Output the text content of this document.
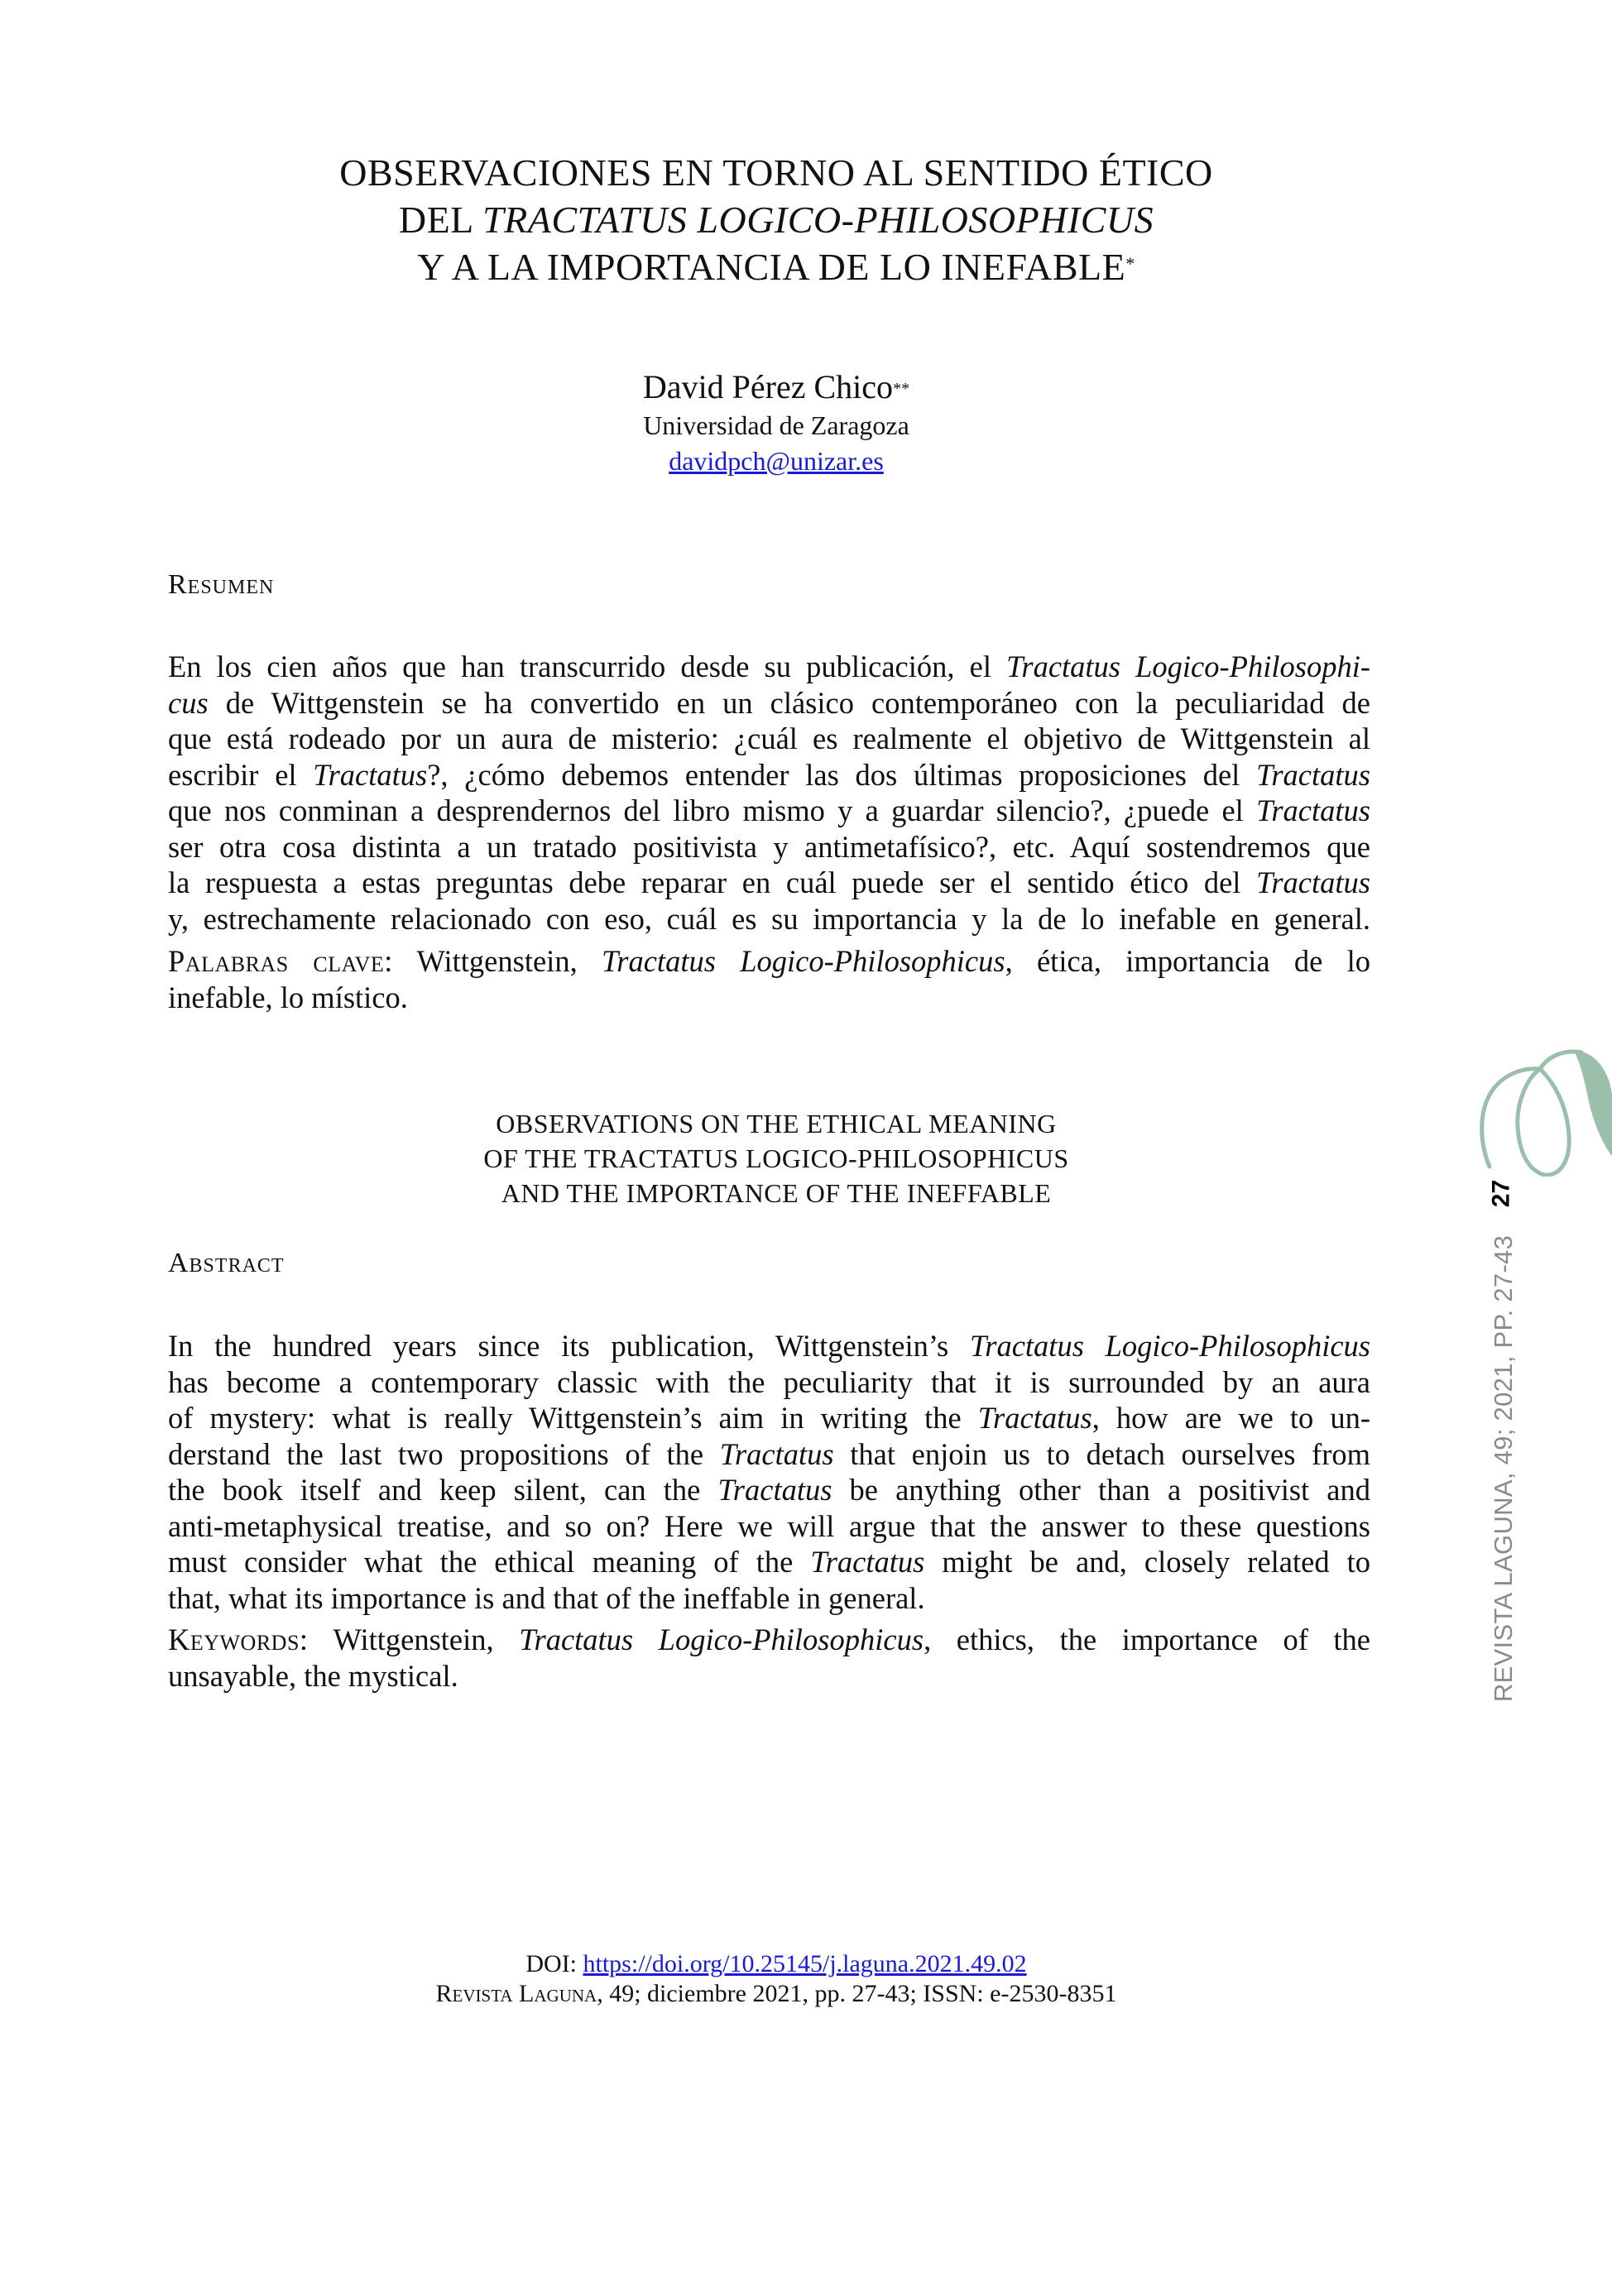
OBSERVACIONES EN TORNO AL SENTIDO ÉTICO
DEL TRACTATUS LOGICO-PHILOSOPHICUS
Y A LA IMPORTANCIA DE LO INEFABLE*
David Pérez Chico**
Universidad de Zaragoza
davidpch@unizar.es
Resumen
En los cien años que han transcurrido desde su publicación, el Tractatus Logico-Philosophi-
cus de Wittgenstein se ha convertido en un clásico contemporáneo con la peculiaridad de
que está rodeado por un aura de misterio: ¿cuál es realmente el objetivo de Wittgenstein al
escribir el Tractatus?, ¿cómo debemos entender las dos últimas proposiciones del Tractatus
que nos conminan a desprendernos del libro mismo y a guardar silencio?, ¿puede el Tractatus
ser otra cosa distinta a un tratado positivista y antimetafísico?, etc. Aquí sostendremos que
la respuesta a estas preguntas debe reparar en cuál puede ser el sentido ético del Tractatus
y, estrechamente relacionado con eso, cuál es su importancia y la de lo inefable en general.
Palabras clave: Wittgenstein, Tractatus Logico-Philosophicus, ética, importancia de lo
inefable, lo místico.
OBSERVATIONS ON THE ETHICAL MEANING
OF THE TRACTATUS LOGICO-PHILOSOPHICUS
AND THE IMPORTANCE OF THE INEFFABLE
Abstract
In the hundred years since its publication, Wittgenstein’s Tractatus Logico-Philosophicus
has become a contemporary classic with the peculiarity that it is surrounded by an aura
of mystery: what is really Wittgenstein’s aim in writing the Tractatus, how are we to un-
derstand the last two propositions of the Tractatus that enjoin us to detach ourselves from
the book itself and keep silent, can the Tractatus be anything other than a positivist and
anti-metaphysical treatise, and so on? Here we will argue that the answer to these questions
must consider what the ethical meaning of the Tractatus might be and, closely related to
that, what its importance is and that of the ineffable in general.
Keywords: Wittgenstein, Tractatus Logico-Philosophicus, ethics, the importance of the
unsayable, the mystical.
DOI: https://doi.org/10.25145/j.laguna.2021.49.02
Revista Laguna, 49; diciembre 2021, pp. 27-43; ISSN: e-2530-8351
27
REVISTA LAGUNA, 49; 2021, PP. 27-43
